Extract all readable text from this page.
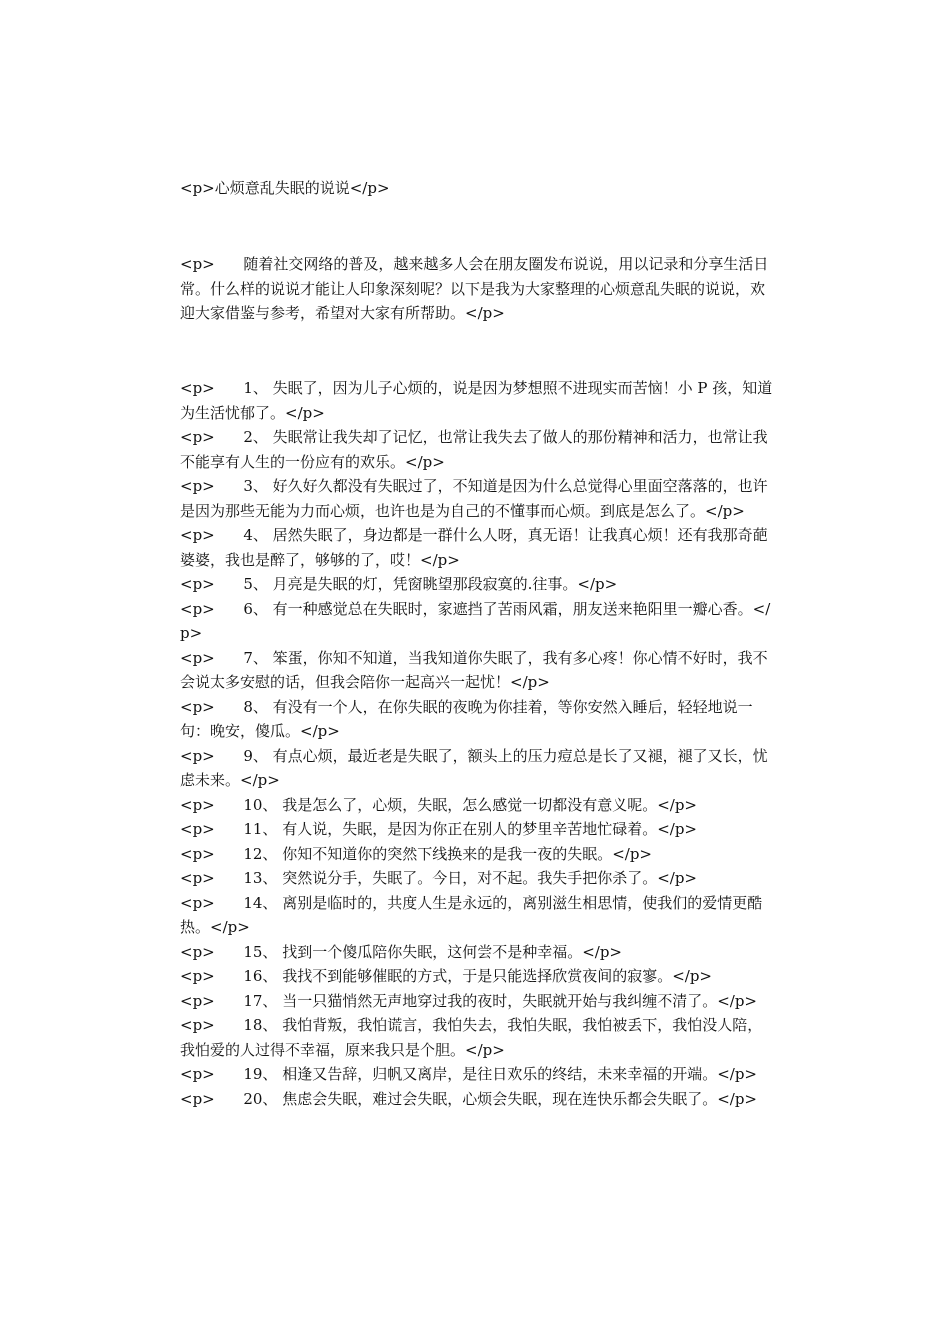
<p>心烦意乱失眠的说说</p>
<p>      随着社交网络的普及，越来越多人会在朋友圈发布说说，用以记录和分享生活日常。什么样的说说才能让人印象深刻呢？以下是我为大家整理的心烦意乱失眠的说说，欢迎大家借鉴与参考，希望对大家有所帮助。</p>
<p>      1、 失眠了，因为儿子心烦的，说是因为梦想照不进现实而苦恼！小 P 孩，知道为生活忧郁了。</p>
<p>      2、 失眠常让我失却了记忆，也常让我失去了做人的那份精神和活力，也常让我不能享有人生的一份应有的欢乐。</p>
<p>      3、 好久好久都没有失眠过了，不知道是因为什么总觉得心里面空落落的，也许是因为那些无能为力而心烦，也许也是为自己的不懂事而心烦。到底是怎么了。</p>
<p>      4、 居然失眠了，身边都是一群什么人呀，真无语！让我真心烦！还有我那奇葩婆婆，我也是醉了，够够的了，哎！</p>
<p>      5、 月亮是失眠的灯，凭窗眺望那段寂寞的.往事。</p>
<p>      6、 有一种感觉总在失眠时，家遮挡了苦雨风霜，朋友送来艳阳里一瓣心香。</p>
<p>      7、 笨蛋，你知不知道，当我知道你失眠了，我有多心疼！你心情不好时，我不会说太多安慰的话，但我会陪你一起高兴一起忧！</p>
<p>      8、 有没有一个人，在你失眠的夜晚为你挂着，等你安然入睡后，轻轻地说一句：晚安，傻瓜。</p>
<p>      9、 有点心烦，最近老是失眠了，额头上的压力痘总是长了又褪，褪了又长，忧虑未来。</p>
<p>      10、 我是怎么了，心烦，失眠，怎么感觉一切都没有意义呢。</p>
<p>      11、 有人说，失眠，是因为你正在别人的梦里辛苦地忙碌着。</p>
<p>      12、 你知不知道你的突然下线换来的是我一夜的失眠。</p>
<p>      13、 突然说分手，失眠了。今日，对不起。我失手把你杀了。</p>
<p>      14、 离别是临时的，共度人生是永远的，离别滋生相思情，使我们的爱情更酷热。</p>
<p>      15、 找到一个傻瓜陪你失眠，这何尝不是种幸福。</p>
<p>      16、 我找不到能够催眠的方式，于是只能选择欣赏夜间的寂寥。</p>
<p>      17、 当一只猫悄然无声地穿过我的夜时，失眠就开始与我纠缠不清了。</p>
<p>      18、 我怕背叛，我怕谎言，我怕失去，我怕失眠，我怕被丢下，我怕没人陪，我怕爱的人过得不幸福，原来我只是个胆。</p>
<p>      19、 相逢又告辞，归帆又离岸，是往日欢乐的终结，未来幸福的开端。</p>
<p>      20、 焦虑会失眠，难过会失眠，心烦会失眠，现在连快乐都会失眠了。</p>
